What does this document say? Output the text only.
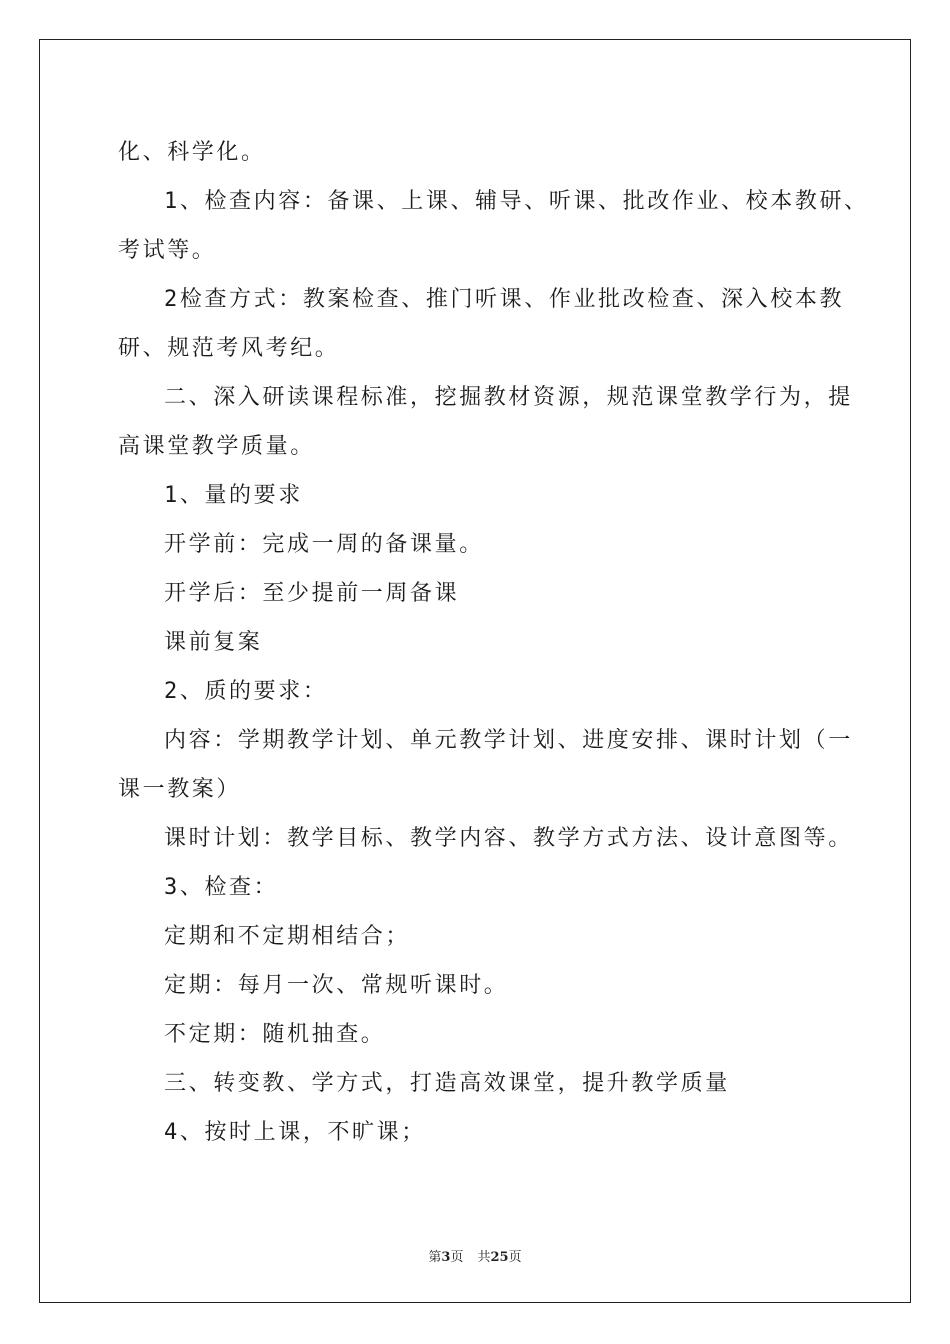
化、科学化。
1、检查内容：备课、上课、辅导、听课、批改作业、校本教研、
考试等。
2检查方式：教案检查、推门听课、作业批改检查、深入校本教
研、规范考风考纪。
二、深入研读课程标准，挖掘教材资源，规范课堂教学行为，提
高课堂教学质量。
1、量的要求
开学前：完成一周的备课量。
开学后：至少提前一周备课
课前复案
2、质的要求：
内容：学期教学计划、单元教学计划、进度安排、课时计划（一
课一教案）
课时计划：教学目标、教学内容、教学方式方法、设计意图等。
3、检查：
定期和不定期相结合；
定期：每月一次、常规听课时。
不定期：随机抽查。
三、转变教、学方式，打造高效课堂，提升教学质量
4、按时上课，不旷课；
第3页 共25页
